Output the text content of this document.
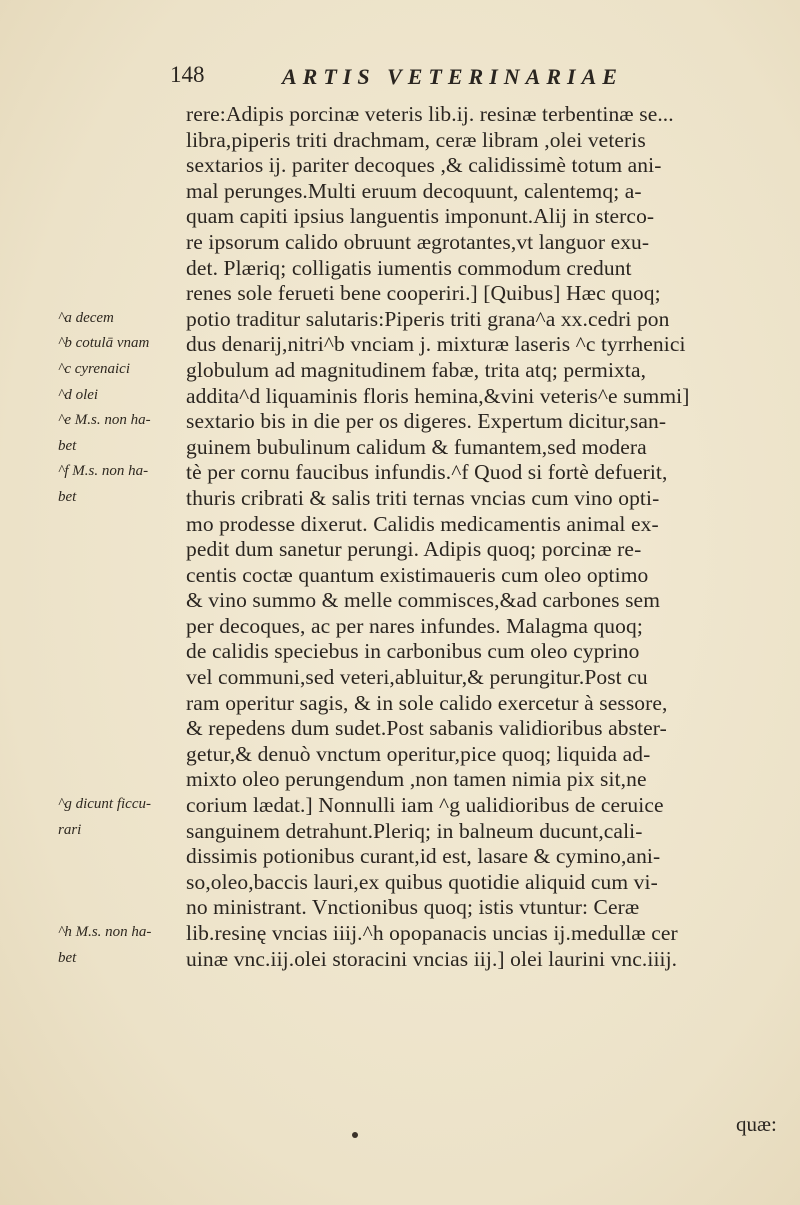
148	ARTIS VETERINARIAE
^a decem
^b cotulā vnam
^c cyrenaici
^d olei
^e M.s. non ha-
bet
^f M.s. non ha-
bet
^g dicunt ficcu-
rari
^h M.s. non ha-
bet
rere:Adipis porcinæ veteris lib.ij. resinæ terbentinæ se...
libra,piperis triti drachmam, ceræ libram ,olei veteris
sextarios ij. pariter decoques ,& calidissimè totum ani-
mal perunges.Multi eruum decoquunt, calentemq; a-
quam capiti ipsius languentis imponunt.Alij in sterco-
re ipsorum calido obruunt ægrotantes,vt languor exu-
det. Plæriq; colligatis iumentis commodum credunt
renes sole ferueti bene cooperiri.] [Quibus] Hæc quoq;
potio traditur salutaris:Piperis triti grana^a xx.cedri pon
dus denarij,nitri^b vnciam j. mixturæ laseris ^c tyrrhenici
globulum ad magnitudinem fabæ, trita atq; permixta,
addita^d liquaminis floris hemina,&vini veteris^e summi]
sextario bis in die per os digeres. Expertum dicitur,san-
guinem bubulinum calidum & fumantem,sed modera
tè per cornu faucibus infundis.^f Quod si fortè defuerit,
thuris cribrati & salis triti ternas vncias cum vino opti-
mo prodesse dixerut. Calidis medicamentis animal ex-
pedit dum sanetur perungi. Adipis quoq; porcinæ re-
centis coctæ quantum existimaueris cum oleo optimo
& vino summo & melle commisces,&ad carbones sem
per decoques, ac per nares infundes. Malagma quoq;
de calidis speciebus in carbonibus cum oleo cyprino
vel communi,sed veteri,abluitur,& perungitur.Post cu
ram operitur sagis, & in sole calido exercetur à sessore,
& repedens dum sudet.Post sabanis validioribus abster-
getur,& denuò vnctum operitur,pice quoq; liquida ad-
mixto oleo perungendum ,non tamen nimia pix sit,ne
corium lædat.] Nonnulli iam ^g ualidioribus de ceruice
sanguinem detrahunt.Pleriq; in balneum ducunt,cali-
dissimis potionibus curant,id est, lasare & cymino,ani-
so,oleo,baccis lauri,ex quibus quotidie aliquid cum vi-
no ministrant. Vnctionibus quoq; istis vtuntur: Ceræ
lib.resinę vncias iiij.^h opopanacis uncias ij.medullæ cer
uinæ vnc.iij.olei storacini vncias iij.] olei laurini vnc.iiij.
quæ:
